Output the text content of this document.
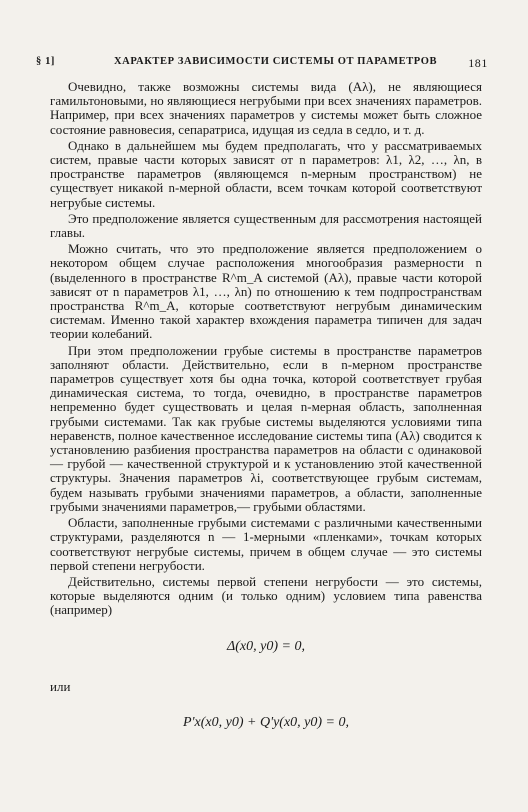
§ 1]	ХАРАКТЕР ЗАВИСИМОСТИ СИСТЕМЫ ОТ ПАРАМЕТРОВ	181

Очевидно, также возможны системы вида (Aλ), не являющиеся гамильтоновыми, но являющиеся негрубыми при всех значениях параметров. Например, при всех значениях параметров у системы может быть сложное состояние равновесия, сепаратриса, идущая из седла в седло, и т. д.

Однако в дальнейшем мы будем предполагать, что у рассматриваемых систем, правые части которых зависят от n параметров: λ1, λ2, …, λn, в пространстве параметров (являющемся n-мерным пространством) не существует никакой n-мерной области, всем точкам которой соответствуют негрубые системы.

Это предположение является существенным для рассмотрения настоящей главы.

Можно считать, что это предположение является предположением о некотором общем случае расположения многообразия размерности n (выделенного в пространстве R^m_A системой (Aλ), правые части которой зависят от n параметров λ1, …, λn) по отношению к тем подпространствам пространства R^m_A, которые соответствуют негрубым динамическим системам. Именно такой характер вхождения параметра типичен для задач теории колебаний.

При этом предположении грубые системы в пространстве параметров заполняют области. Действительно, если в n-мерном пространстве параметров существует хотя бы одна точка, которой соответствует грубая динамическая система, то тогда, очевидно, в пространстве параметров непременно будет существовать и целая n-мерная область, заполненная грубыми системами. Так как грубые системы выделяются условиями типа неравенств, полное качественное исследование системы типа (Aλ) сводится к установлению разбиения пространства параметров на области с одинаковой — грубой — качественной структурой и к установлению этой качественной структуры. Значения параметров λi, соответствующее грубым системам, будем называть грубыми значениями параметров, а области, заполненные грубыми значениями параметров,— грубыми областями.

Области, заполненные грубыми системами с различными качественными структурами, разделяются n — 1-мерными «пленками», точкам которых соответствуют негрубые системы, причем в общем случае — это системы первой степени негрубости.

Действительно, системы первой степени негрубости — это системы, которые выделяются одним (и только одним) условием типа равенства (например)

Δ(x0, y0) = 0,
или
P'x(x0, y0) + Q'y(x0, y0) = 0,
